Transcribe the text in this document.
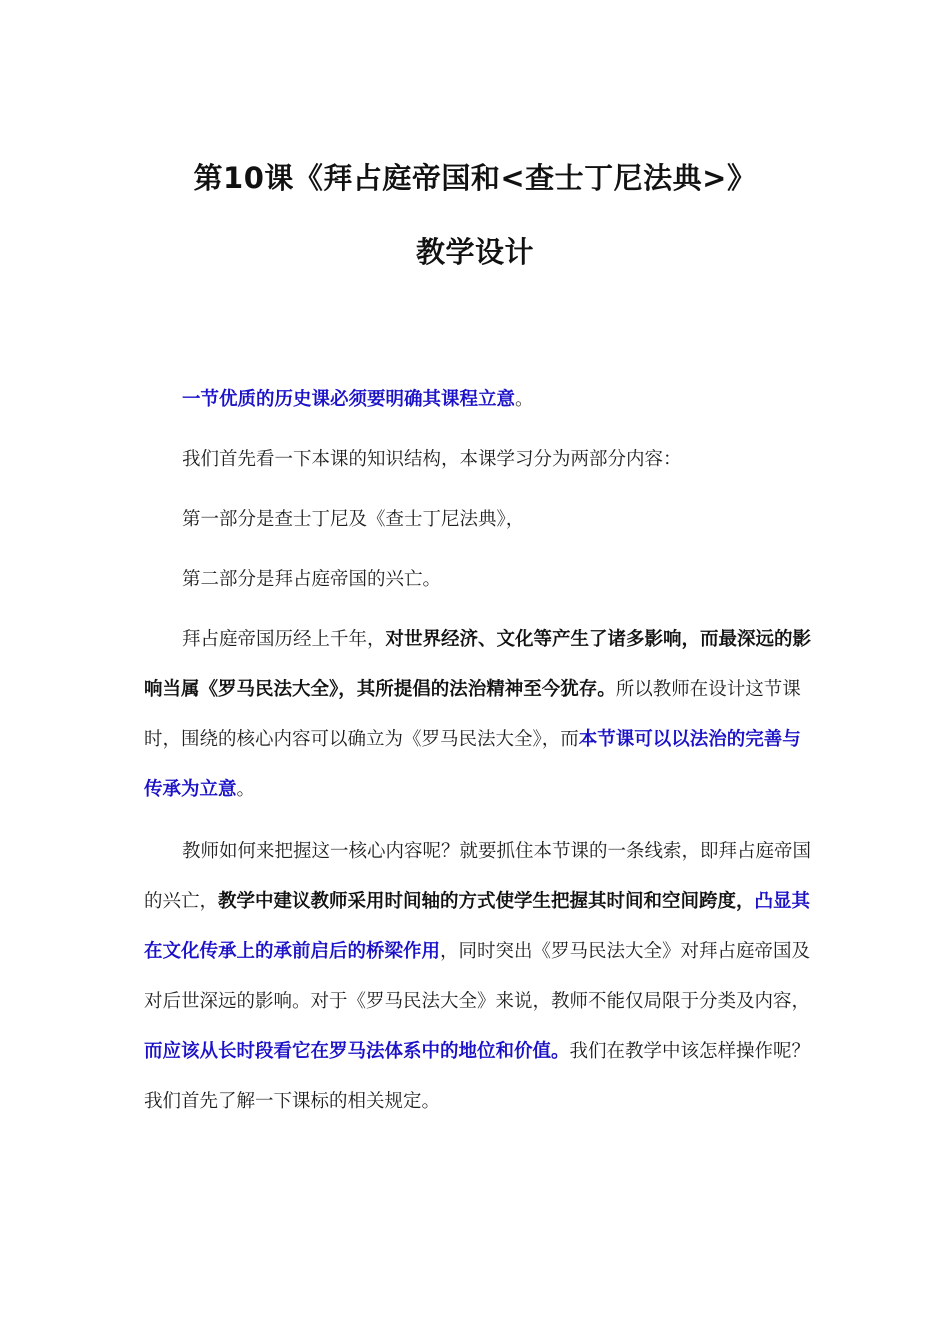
第10课《拜占庭帝国和<查士丁尼法典>》
教学设计

一节优质的历史课必须要明确其课程立意。

我们首先看一下本课的知识结构，本课学习分为两部分内容：

第一部分是查士丁尼及《查士丁尼法典》，

第二部分是拜占庭帝国的兴亡。

拜占庭帝国历经上千年，对世界经济、文化等产生了诸多影响，而最深远的影响当属《罗马民法大全》，其所提倡的法治精神至今犹存。所以教师在设计这节课时，围绕的核心内容可以确立为《罗马民法大全》，而本节课可以以法治的完善与传承为立意。

教师如何来把握这一核心内容呢？就要抓住本节课的一条线索，即拜占庭帝国的兴亡，教学中建议教师采用时间轴的方式使学生把握其时间和空间跨度，凸显其在文化传承上的承前启后的桥梁作用，同时突出《罗马民法大全》对拜占庭帝国及对后世深远的影响。对于《罗马民法大全》来说，教师不能仅局限于分类及内容，而应该从长时段看它在罗马法体系中的地位和价值。我们在教学中该怎样操作呢？我们首先了解一下课标的相关规定。
